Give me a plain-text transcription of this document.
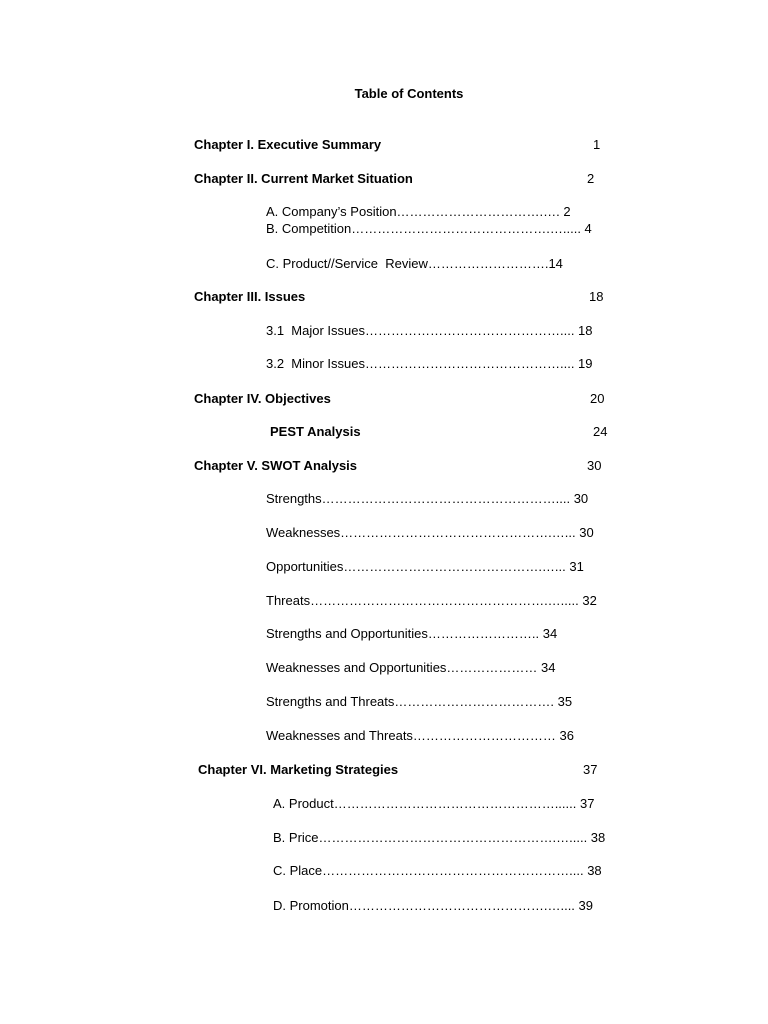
Table of Contents
Chapter I. Executive Summary	1
Chapter II. Current Market Situation	2
A. Company’s Position…………………………….…. 2
B. Competition……………………………………….…..... 4
C. Product//Service  Review……………………….14
Chapter III. Issues	18
3.1  Major Issues……………………………………….... 18
3.2  Minor Issues……………………………………….... 19
Chapter IV. Objectives	20
PEST Analysis	24
Chapter V. SWOT Analysis	30
Strengths……………………………………………….... 30
Weaknesses………………………………………….…... 30
Opportunities……………………………………….…... 31
Threats……………………………………………….…..... 32
Strengths and Opportunities…………………….. 34
Weaknesses and Opportunities………………… 34
Strengths and Threats………………………………. 35
Weaknesses and Threats…………………………… 36
Chapter VI. Marketing Strategies	37
A. Product……………………………………………...... 37
B. Price……………………………………………….…..... 38
C. Place………………………………………………….... 38
D. Promotion……………………………………….….... 39
